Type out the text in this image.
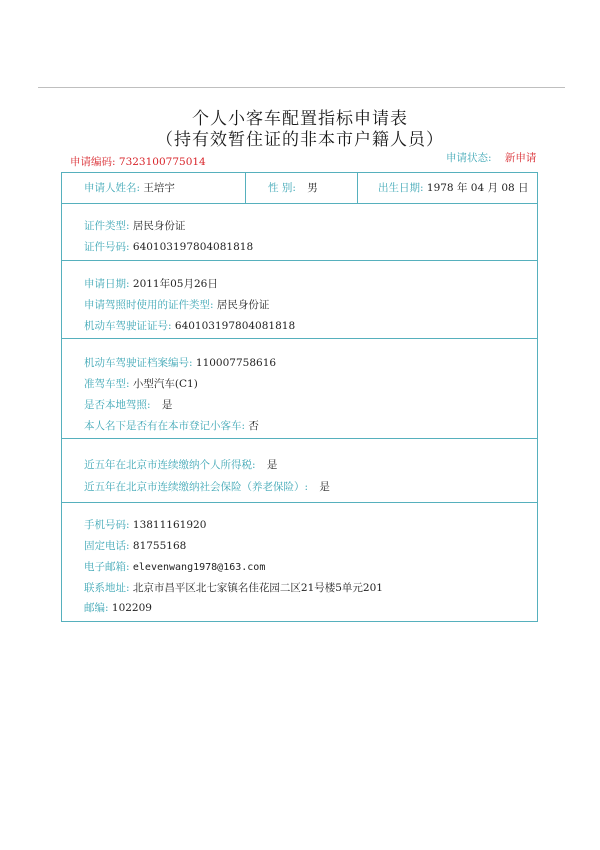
个人小客车配置指标申请表
（持有效暂住证的非本市户籍人员）
申请编码: 7323100775014	申请状态: 新申请
申请人姓名: 王培宇	性 别: 男	出生日期: 1978 年 04 月 08 日
证件类型: 居民身份证
证件号码: 640103197804081818
申请日期: 2011年05月26日
申请驾照时使用的证件类型: 居民身份证
机动车驾驶证证号: 640103197804081818
机动车驾驶证档案编号: 110007758616
准驾车型: 小型汽车(C1)
是否本地驾照: 是
本人名下是否有在本市登记小客车: 否
近五年在北京市连续缴纳个人所得税: 是
近五年在北京市连续缴纳社会保险（养老保险）: 是
手机号码: 13811161920
固定电话: 81755168
电子邮箱: elevenwang1978@163.com
联系地址: 北京市昌平区北七家镇名佳花园二区21号楼5单元201
邮编: 102209
